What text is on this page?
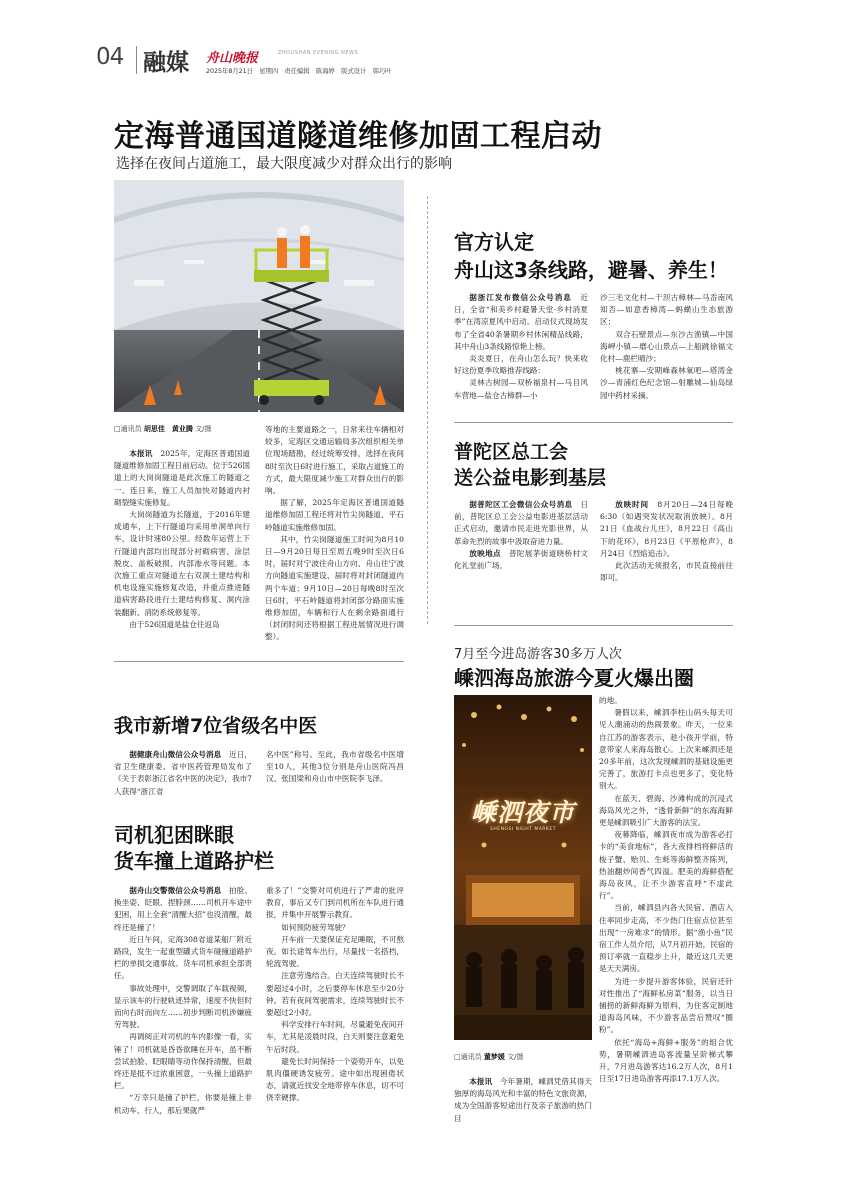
04 融媒 舟山晚报	ZHOUSHAN EVENING NEWS
2025年8月21日　星期四　责任编辑　陈海婷　版式设计　韩巧叶
定海普通国道隧道维修加固工程启动
选择在夜间占道施工，最大限度减少对群众出行的影响
□通讯员 胡思佳　黄业腾 文/摄

本报讯　2025年，定海区普通国道隧道维修加固工程日前启动。位于526国道上的大岗岗隧道是此次施工的隧道之一。连日来，施工人员加快对隧道内衬砌裂缝实施修复。

大岗岗隧道为长隧道，于2016年建成通车，上下行隧道均采用单洞单向行车，设计时速80公里。经数年运营上下行隧道内部均出现部分衬砌病害、涂层脱皮、盖板破损、内部渗水等问题。本次施工重点对隧道左右双洞土建结构和机电设施实施修复改造，并重点推进隧道病害路段进行土建结构修复、洞内涂装翻新、消防系统修复等。

由于526国道是盐仓往返岛

等地的主要道路之一，日常来往车辆相对较多，定海区交通运输局多次组织相关单位现场踏勘，经过统筹安排，选择在夜间8时至次日6时进行施工，采取占道施工的方式，最大限度减少施工对群众出行的影响。

据了解，2025年定海区普通国道隧道维修加固工程还将对竹尖岗隧道、平石岭隧道实施维修加固。

其中，竹尖岗隧道施工时间为8月10日—9月20日每日至周五晚9时至次日6时，届时对宁波往舟山方向、舟山往宁波方向隧道实施建设、届时将对封闭隧道内两个车道；9月10日—20日每晚8时至次日6时，平石岭隧道将封闭部分路面实施维修加固，车辆和行人在剩余路面通行（封闭时间还将根据工程进展情况进行调整）。

我市新增7位省级名中医

据健康舟山微信公众号消息　近日，省卫生健康委、省中医药管理局发布了《关于表彰浙江省名中医的决定》，我市7人获得“浙江省

名中医”称号。至此，我市省级名中医增至10人，其他3位分别是舟山医院冯昌汉、张国梁和舟山市中医院李飞泽。

司机犯困眯眼
货车撞上道路护栏

据舟山交警微信公众号消息　拍脸、换坐姿、眨眼、捏脖颈……司机开车途中犯困，用上全套“清醒大招”也没清醒，最终还是撞了！

近日午间，定海308省道某船厂附近路段，发生一起重型罐式货车碰撞道路护栏的单损交通事故。货车司机承担全部责任。

事故处理中，交警调取了车载视频，显示该车的行驶轨迹异常，速度不快但时而向右时而向左……初步判断司机涉嫌疲劳驾驶。

再调阅正对司机的车内影像一看，实锤了！司机就是昏昏欲睡在开车，虽不断尝试拍脸、眨眼睛等动作保持清醒，但最终还是抵不过浓重困意，一头撞上道路护栏。

“万幸只是撞了护栏，你要是撞上非机动车、行人，那后果就严

重多了！”交警对司机进行了严肃的批评教育，事后又专门到司机所在车队进行通报，并集中开展警示教育。

如何预防疲劳驾驶？

开车前一天要保证充足睡眠，不可熬夜。如长途驾车出行，尽量找一名搭档，轮流驾驶。

注意劳逸结合。白天连续驾驶时长不要超过4小时，之后要停车休息至少20分钟。若有夜间驾驶需求，连续驾驶时长不要超过2小时。

科学安排行车时间，尽量避免夜间开车，尤其是凌晨时段，白天则要注意避免午后时段。

避免长时间保持一个姿势开车，以免肌肉僵硬诱发疲劳。途中如出现困倦状态，请就近找安全地带停车休息，切不可侥幸硬撑。

官方认定
舟山这3条线路，避暑、养生！

据浙江发布微信公众号消息　近日，全省“和美乡村避暑天堂·乡村消夏季”在湾凉夏风中启动。启动仪式现场发布了全省40条暑期乡村休闲精品线路，其中舟山3条线路惊艳上榜。

炎炎夏日，在舟山怎么玩？快来收好这份夏季攻略推荐线路：

灵林古树园—双桥福泉村—马目风车营地—盐仓古樟群—小

沙三毛文化村—干𬇙古樟林—马岙南风知否—如意香樟湾—蚂蟥山生态旅游区；

双合石壁景点—东沙古渔镇—中国海岬小镇—磨心山景点—上船跳徐福文化村—鹿栏晴沙；

桃花寨—安期峰森林氧吧—塔湾金沙—青浦红色纪念馆—射雕城—仙岛绿园中药材采摘。

普陀区总工会
送公益电影到基层

据普陀区工会微信公众号消息　日前，普陀区总工会公益电影进基层活动正式启动，邀请市民走进光影世界，从革命先烈的故事中汲取奋进力量。

放映地点　普陀展茅街道晓桥村文化礼堂前广场。

放映时间　8月20日—24日每晚6:30（如遇突发状况取消放映）。8月21日《血战台儿庄》，8月22日《高山下的花环》，8月23日《平原枪声》，8月24日《烈焰追击》。

此次活动无须报名，市民直接前往即可。

7月至今进岛游客30多万人次
嵊泗海岛旅游今夏火爆出圈
嵊泗夜市
SHENGSI NIGHT MARKET
□通讯员 董梦媛 文/摄

本报讯　今年暑期，嵊泗凭借其得天独厚的海岛风光和丰富的特色文旅资源，成为全国游客短途出行及亲子旅游的热门目

的地。

暑假以来，嵊泗李柱山码头每天可见人潮涌动的热闹景象。昨天，一位来自江苏的游客表示，趁小孩开学前，特意带家人来海岛散心。上次来嵊泗还是20多年前，这次发现嵊泗的基础设施更完善了，旅游打卡点也更多了，变化特别大。

在蓝天、碧海、沙滩构成的沉浸式海岛风光之外，“透骨新鲜”的东海海鲜更是嵊泗吸引广大游客的法宝。

夜幕降临，嵊泗夜市成为游客必打卡的“美食地标”，各大夜排档将鲜活的梭子蟹、贻贝、生蚝等海鲜整齐陈列，热油翻炒间香气四溢。肥美的海鲜搭配海岛夜风，让不少游客直呼“不虚此行”。

当前，嵊泗县内各大民宿、酒店入住率同步走高，不少热门住宿点位甚至出现“一房难求”的情形。据“渔小鱼”民宿工作人员介绍，从7月初开始，民宿的预订率就一直稳步上升，最近这几天更是天天满房。

为进一步提升游客体验，民宿还针对性推出了“海鲜私房菜”服务，以当日捕捞的新鲜海鲜为原料，为住客定制地道海岛风味，不少游客品尝后赞叹“圈粉”。

依托“海岛+海鲜+服务”的组合优势，暑期嵊泗进岛客流量呈阶梯式攀升，7月进岛游客达16.2万人次，8月1日至17日进岛游客再添17.1万人次。
